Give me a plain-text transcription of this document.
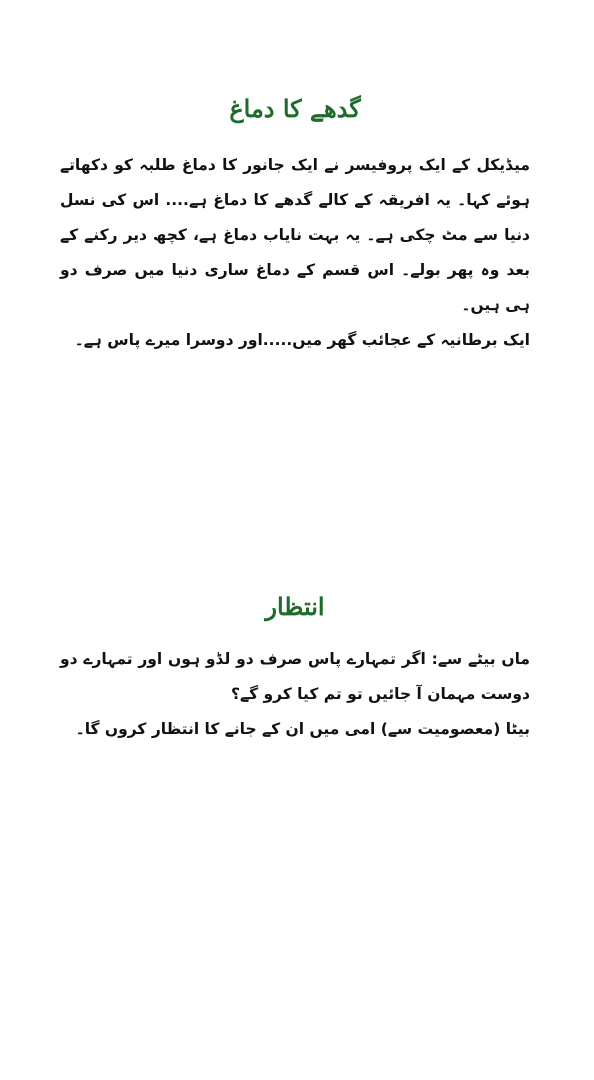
گدھے کا دماغ

میڈیکل کے ایک پروفیسر نے ایک جانور کا دماغ طلبہ کو دکھاتے ہوئے کہا۔ یہ افریقہ کے کالے گدھے کا دماغ ہے.... اس کی نسل دنیا سے مٹ چکی ہے۔ یہ بہت نایاب دماغ ہے، کچھ دیر رکنے کے بعد وہ پھر بولے۔ اس قسم کے دماغ ساری دنیا میں صرف دو ہی ہیں۔

ایک برطانیہ کے عجائب گھر میں.....اور دوسرا میرے پاس ہے۔

انتظار

ماں بیٹے سے: اگر تمہارے پاس صرف دو لڈو ہوں اور تمہارے دو دوست مہمان آ جائیں تو تم کیا کرو گے؟

بیٹا (معصومیت سے) امی میں ان کے جانے کا انتظار کروں گا۔
